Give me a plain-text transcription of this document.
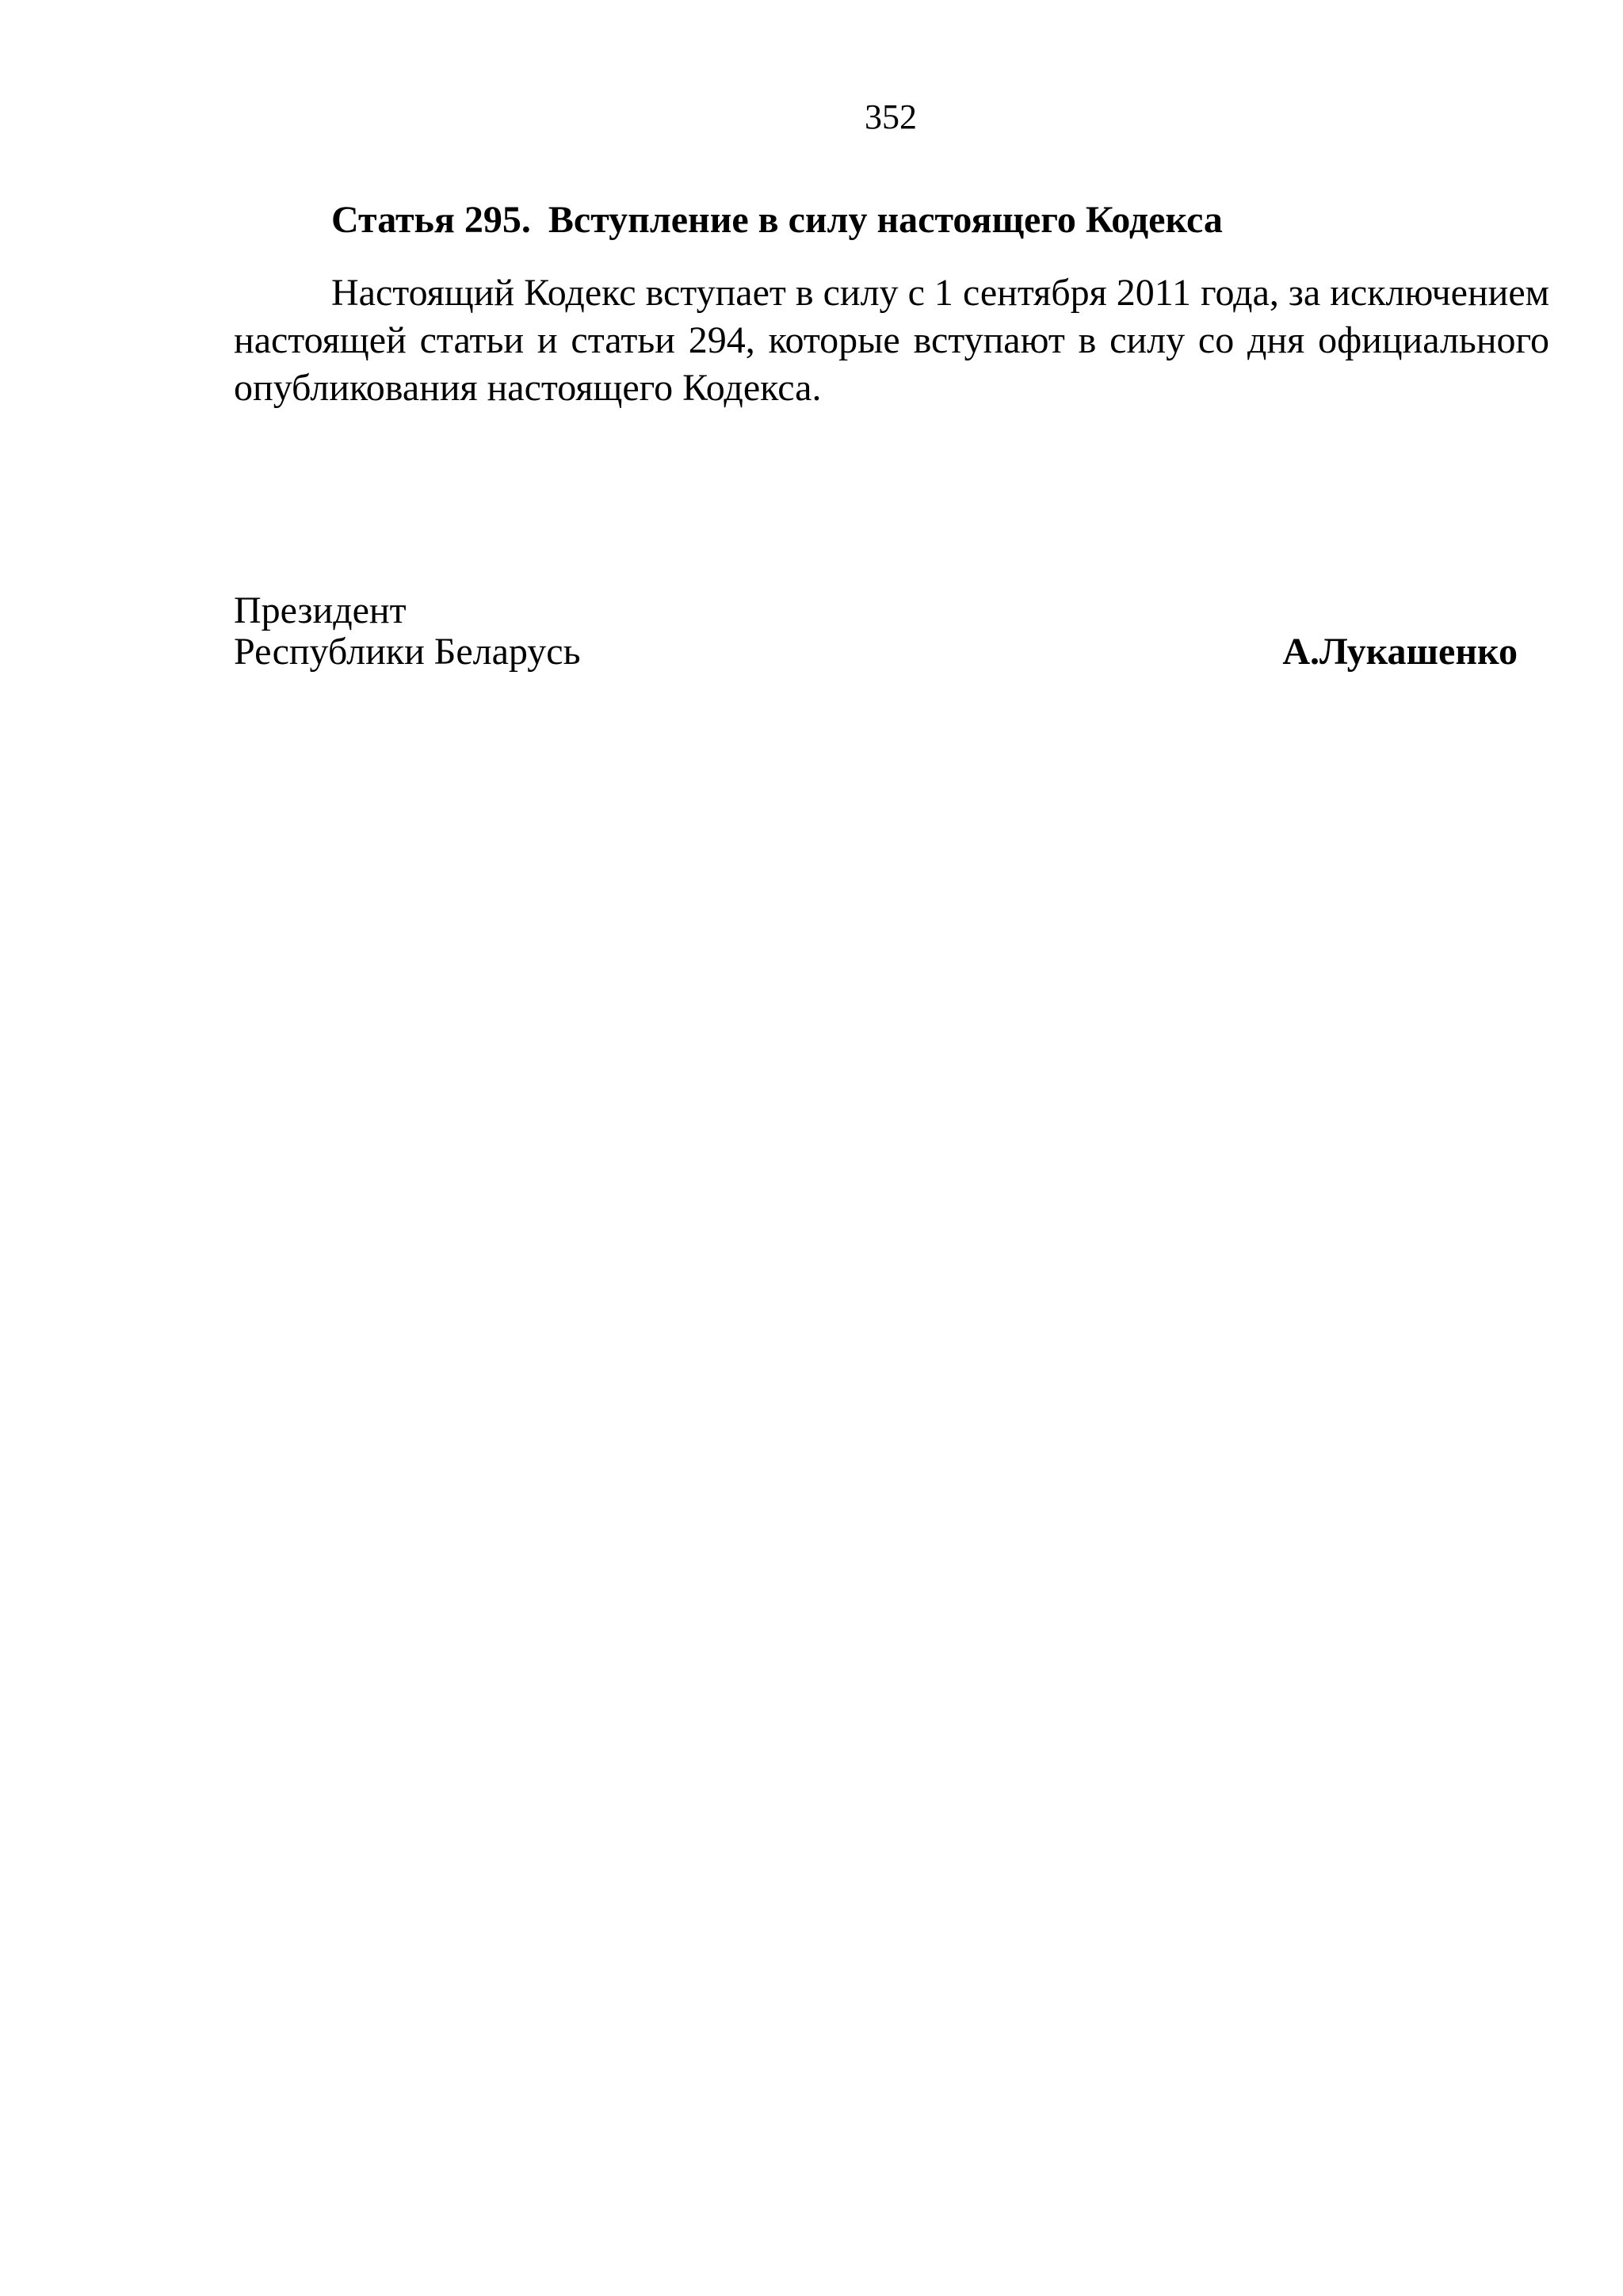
352
Статья 295. Вступление в силу настоящего Кодекса

Настоящий Кодекс вступает в силу с 1 сентября 2011 года, за исключением настоящей статьи и статьи 294, которые вступают в силу со дня официального опубликования настоящего Кодекса.

Президент
Республики Беларусь	А.Лукашенко
